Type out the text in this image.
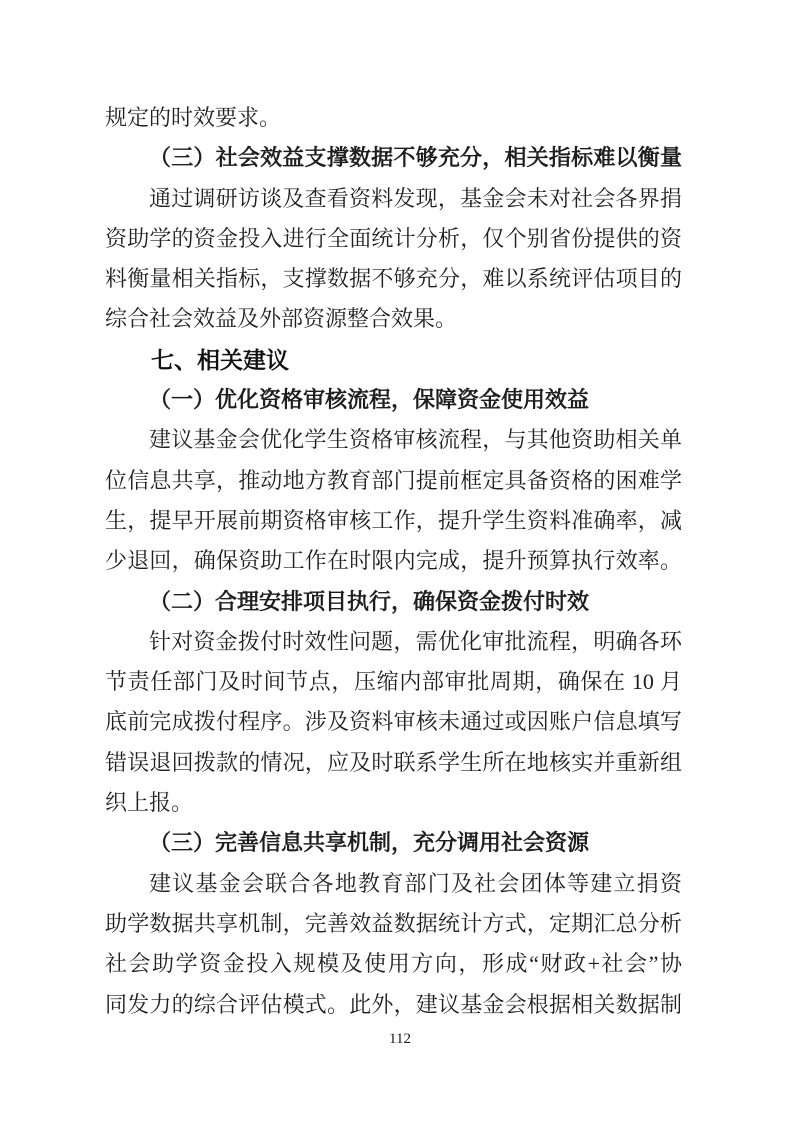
规定的时效要求。
（三）社会效益支撑数据不够充分，相关指标难以衡量
通过调研访谈及查看资料发现，基金会未对社会各界捐
资助学的资金投入进行全面统计分析，仅个别省份提供的资
料衡量相关指标，支撑数据不够充分，难以系统评估项目的
综合社会效益及外部资源整合效果。
七、相关建议
（一）优化资格审核流程，保障资金使用效益
建议基金会优化学生资格审核流程，与其他资助相关单
位信息共享，推动地方教育部门提前框定具备资格的困难学
生，提早开展前期资格审核工作，提升学生资料准确率，减
少退回，确保资助工作在时限内完成，提升预算执行效率。
（二）合理安排项目执行，确保资金拨付时效
针对资金拨付时效性问题，需优化审批流程，明确各环
节责任部门及时间节点，压缩内部审批周期，确保在 10 月
底前完成拨付程序。涉及资料审核未通过或因账户信息填写
错误退回拨款的情况，应及时联系学生所在地核实并重新组
织上报。
（三）完善信息共享机制，充分调用社会资源
建议基金会联合各地教育部门及社会团体等建立捐资
助学数据共享机制，完善效益数据统计方式，定期汇总分析
社会助学资金投入规模及使用方向，形成“财政+社会”协
同发力的综合评估模式。此外，建议基金会根据相关数据制
112
